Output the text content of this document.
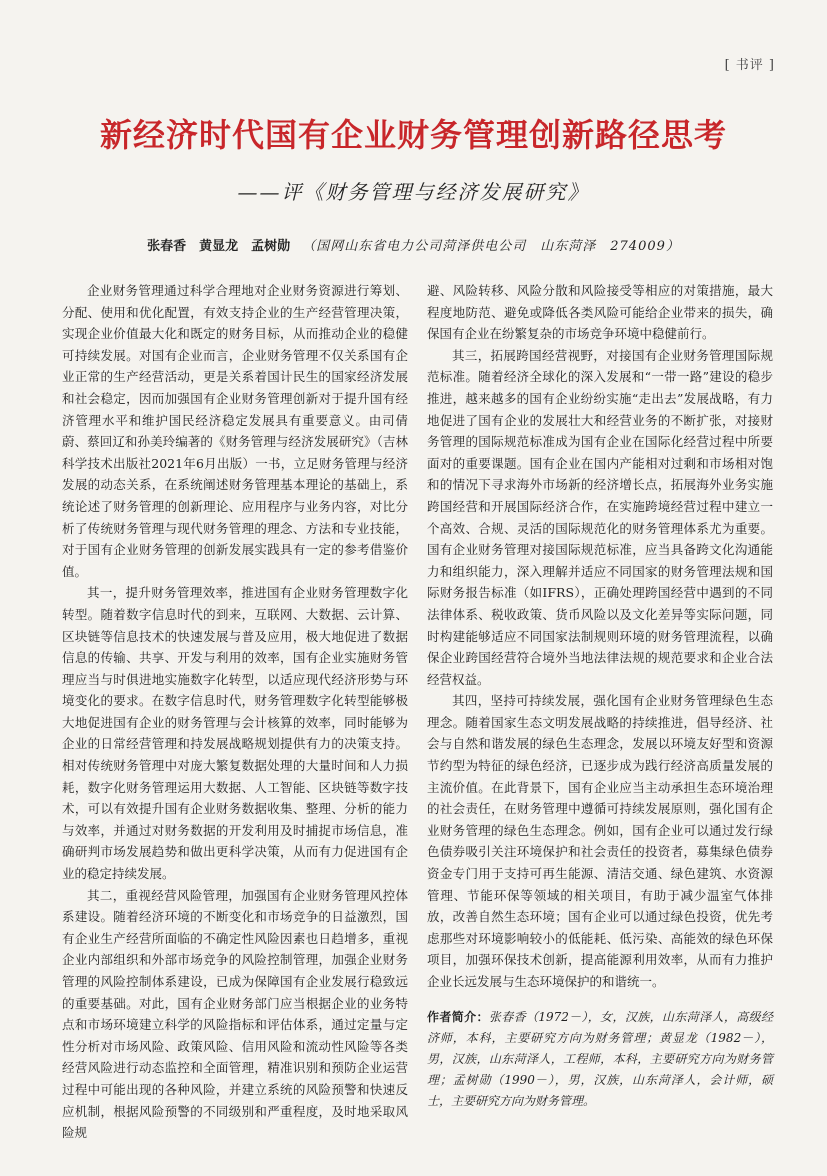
[ 书评 ]
新经济时代国有企业财务管理创新路径思考
——评《财务管理与经济发展研究》
张春香　黄显龙　孟树勋 （国网山东省电力公司菏泽供电公司　山东菏泽　274009）

企业财务管理通过科学合理地对企业财务资源进行筹划、分配、使用和优化配置，有效支持企业的生产经营管理决策，实现企业价值最大化和既定的财务目标，从而推动企业的稳健可持续发展。对国有企业而言，企业财务管理不仅关系国有企业正常的生产经营活动，更是关系着国计民生的国家经济发展和社会稳定，因而加强国有企业财务管理创新对于提升国有经济管理水平和维护国民经济稳定发展具有重要意义。由司倩蔚、蔡回辽和孙美玲编著的《财务管理与经济发展研究》（吉林科学技术出版社2021年6月出版）一书，立足财务管理与经济发展的动态关系，在系统阐述财务管理基本理论的基础上，系统论述了财务管理的创新理论、应用程序与业务内容，对比分析了传统财务管理与现代财务管理的理念、方法和专业技能，对于国有企业财务管理的创新发展实践具有一定的参考借鉴价值。

其一，提升财务管理效率，推进国有企业财务管理数字化转型。随着数字信息时代的到来，互联网、大数据、云计算、区块链等信息技术的快速发展与普及应用，极大地促进了数据信息的传输、共享、开发与利用的效率，国有企业实施财务管理应当与时俱进地实施数字化转型，以适应现代经济形势与环境变化的要求。在数字信息时代，财务管理数字化转型能够极大地促进国有企业的财务管理与会计核算的效率，同时能够为企业的日常经营管理和持发展战略规划提供有力的决策支持。相对传统财务管理中对庞大繁复数据处理的大量时间和人力损耗，数字化财务管理运用大数据、人工智能、区块链等数字技术，可以有效提升国有企业财务数据收集、整理、分析的能力与效率，并通过对财务数据的开发利用及时捕捉市场信息，准确研判市场发展趋势和做出更科学决策，从而有力促进国有企业的稳定持续发展。

其二，重视经营风险管理，加强国有企业财务管理风控体系建设。随着经济环境的不断变化和市场竞争的日益激烈，国有企业生产经营所面临的不确定性风险因素也日趋增多，重视企业内部组织和外部市场竞争的风险控制管理，加强企业财务管理的风险控制体系建设，已成为保障国有企业发展行稳致远的重要基础。对此，国有企业财务部门应当根据企业的业务特点和市场环境建立科学的风险指标和评估体系，通过定量与定性分析对市场风险、政策风险、信用风险和流动性风险等各类经营风险进行动态监控和全面管理，精准识别和预防企业运营过程中可能出现的各种风险，并建立系统的风险预警和快速反应机制，根据风险预警的不同级别和严重程度，及时地采取风险规

避、风险转移、风险分散和风险接受等相应的对策措施，最大程度地防范、避免或降低各类风险可能给企业带来的损失，确保国有企业在纷繁复杂的市场竞争环境中稳健前行。

其三，拓展跨国经营视野，对接国有企业财务管理国际规范标准。随着经济全球化的深入发展和“一带一路”建设的稳步推进，越来越多的国有企业纷纷实施“走出去”发展战略，有力地促进了国有企业的发展壮大和经营业务的不断扩张，对接财务管理的国际规范标准成为国有企业在国际化经营过程中所要面对的重要课题。国有企业在国内产能相对过剩和市场相对饱和的情况下寻求海外市场新的经济增长点，拓展海外业务实施跨国经营和开展国际经济合作，在实施跨境经营过程中建立一个高效、合规、灵活的国际规范化的财务管理体系尤为重要。国有企业财务管理对接国际规范标准，应当具备跨文化沟通能力和组织能力，深入理解并适应不同国家的财务管理法规和国际财务报告标准（如IFRS），正确处理跨国经营中遇到的不同法律体系、税收政策、货币风险以及文化差异等实际问题，同时构建能够适应不同国家法制规则环境的财务管理流程，以确保企业跨国经营符合境外当地法律法规的规范要求和企业合法经营权益。

其四，坚持可持续发展，强化国有企业财务管理绿色生态理念。随着国家生态文明发展战略的持续推进，倡导经济、社会与自然和谐发展的绿色生态理念，发展以环境友好型和资源节约型为特征的绿色经济，已逐步成为践行经济高质量发展的主流价值。在此背景下，国有企业应当主动承担生态环境治理的社会责任，在财务管理中遵循可持续发展原则，强化国有企业财务管理的绿色生态理念。例如，国有企业可以通过发行绿色债券吸引关注环境保护和社会责任的投资者，募集绿色债券资金专门用于支持可再生能源、清洁交通、绿色建筑、水资源管理、节能环保等领域的相关项目，有助于减少温室气体排放，改善自然生态环境；国有企业可以通过绿色投资，优先考虑那些对环境影响较小的低能耗、低污染、高能效的绿色环保项目，加强环保技术创新，提高能源利用效率，从而有力推护企业长远发展与生态环境保护的和谐统一。

作者简介：张春香（1972－），女，汉族，山东菏泽人，高级经济师，本科，主要研究方向为财务管理；黄显龙（1982－），男，汉族，山东菏泽人，工程师，本科，主要研究方向为财务管理；孟树勋（1990－），男，汉族，山东菏泽人，会计师，硕士，主要研究方向为财务管理。
